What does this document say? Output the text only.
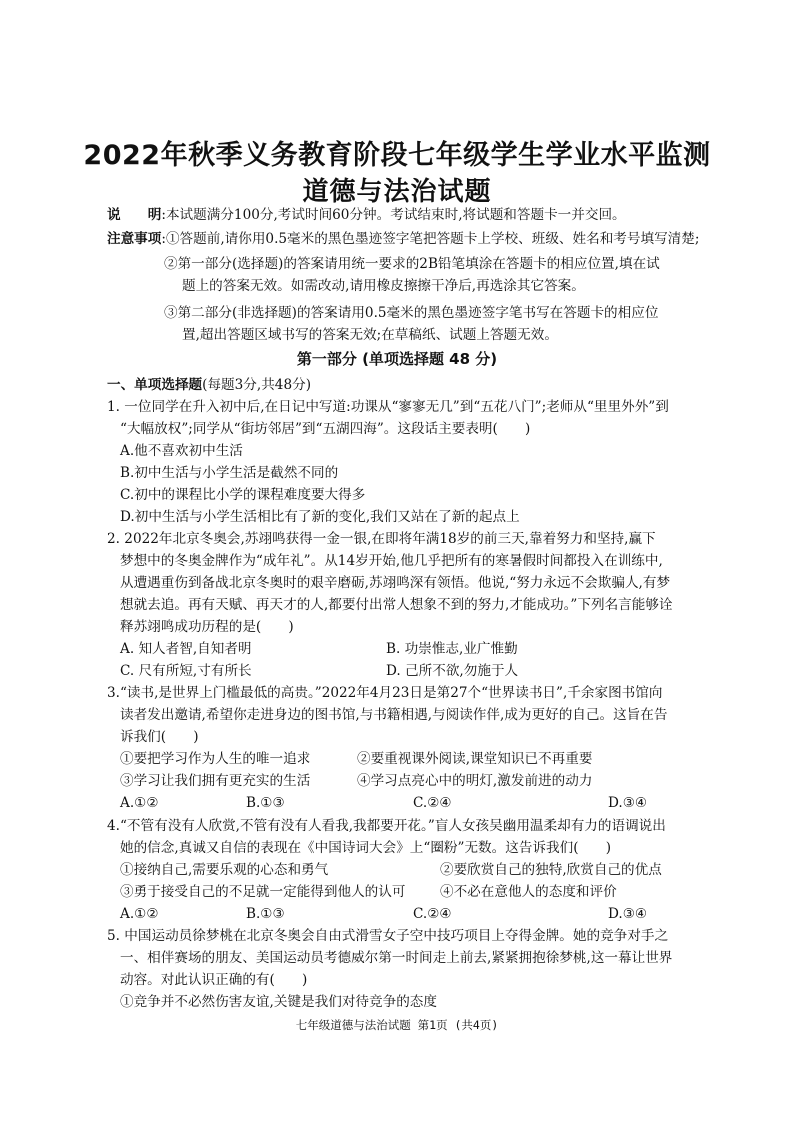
2022年秋季义务教育阶段七年级学生学业水平监测
道德与法治试题
说　　明:本试题满分100分,考试时间60分钟。考试结束时,将试题和答题卡一并交回。
注意事项:①答题前,请你用0.5毫米的黑色墨迹签字笔把答题卡上学校、班级、姓名和考号填写清楚;
②第一部分(选择题)的答案请用统一要求的2B铅笔填涂在答题卡的相应位置,填在试
题上的答案无效。如需改动,请用橡皮擦擦干净后,再选涂其它答案。
③第二部分(非选择题)的答案请用0.5毫米的黑色墨迹签字笔书写在答题卡的相应位
置,超出答题区域书写的答案无效;在草稿纸、试题上答题无效。
第一部分 (单项选择题 48 分)
一、单项选择题(每题3分,共48分)
1. 一位同学在升入初中后,在日记中写道:功课从“寥寥无几”到“五花八门”;老师从“里里外外”到
“大幅放权”;同学从“街坊邻居”到“五湖四海”。这段话主要表明(　　)
A.他不喜欢初中生活
B.初中生活与小学生活是截然不同的
C.初中的课程比小学的课程难度要大得多
D.初中生活与小学生活相比有了新的变化,我们又站在了新的起点上
2. 2022年北京冬奥会,苏翊鸣获得一金一银,在即将年满18岁的前三天,靠着努力和坚持,赢下
梦想中的冬奥金牌作为“成年礼”。从14岁开始,他几乎把所有的寒暑假时间都投入在训练中,
从遭遇重伤到备战北京冬奥时的艰辛磨砺,苏翊鸣深有领悟。他说,“努力永远不会欺骗人,有梦
想就去追。再有天赋、再天才的人,都要付出常人想象不到的努力,才能成功。”下列名言能够诠
释苏翊鸣成功历程的是(　　)
A. 知人者智,自知者明	B. 功崇惟志,业广惟勤
C. 尺有所短,寸有所长	D. 己所不欲,勿施于人
3.“读书,是世界上门槛最低的高贵。”2022年4月23日是第27个“世界读书日”,千余家图书馆向
读者发出邀请,希望你走进身边的图书馆,与书籍相遇,与阅读作伴,成为更好的自己。这旨在告
诉我们(　　)
①要把学习作为人生的唯一追求	②要重视课外阅读,课堂知识已不再重要
③学习让我们拥有更充实的生活	④学习点亮心中的明灯,激发前进的动力
A.①②	B.①③	C.②④	D.③④
4.“不管有没有人欣赏,不管有没有人看我,我都要开花。”盲人女孩吴幽用温柔却有力的语调说出
她的信念,真诚又自信的表现在《中国诗词大会》上“圈粉”无数。这告诉我们(　　)
①接纳自己,需要乐观的心态和勇气	②要欣赏自己的独特,欣赏自己的优点
③勇于接受自己的不足就一定能得到他人的认可	④不必在意他人的态度和评价
A.①②	B.①③	C.②④	D.③④
5. 中国运动员徐梦桃在北京冬奥会自由式滑雪女子空中技巧项目上夺得金牌。她的竞争对手之
一、相伴赛场的朋友、美国运动员考德威尔第一时间走上前去,紧紧拥抱徐梦桃,这一幕让世界
动容。对此认识正确的有(　　)
①竞争并不必然伤害友谊,关键是我们对待竞争的态度
七年级道德与法治试题 第1页 (共4页)
